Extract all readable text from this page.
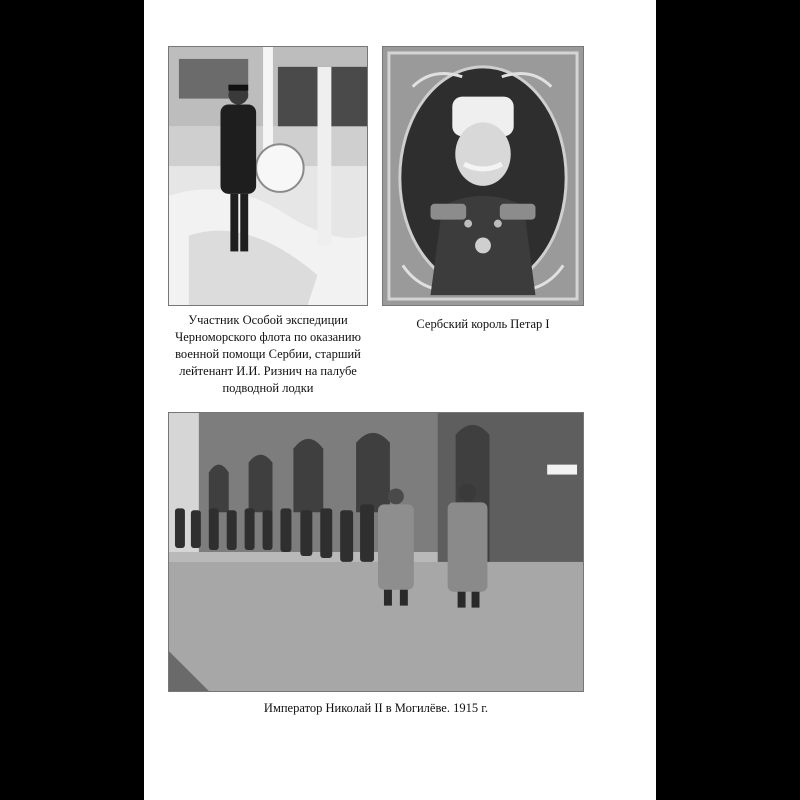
Участник Особой экспедиции
Черноморского флота по оказанию
военной помощи Сербии, старший
лейтенант И.И. Ризнич на палубе
подводной лодки
Сербский король Петар I
Император Николай II в Могилёве. 1915 г.
